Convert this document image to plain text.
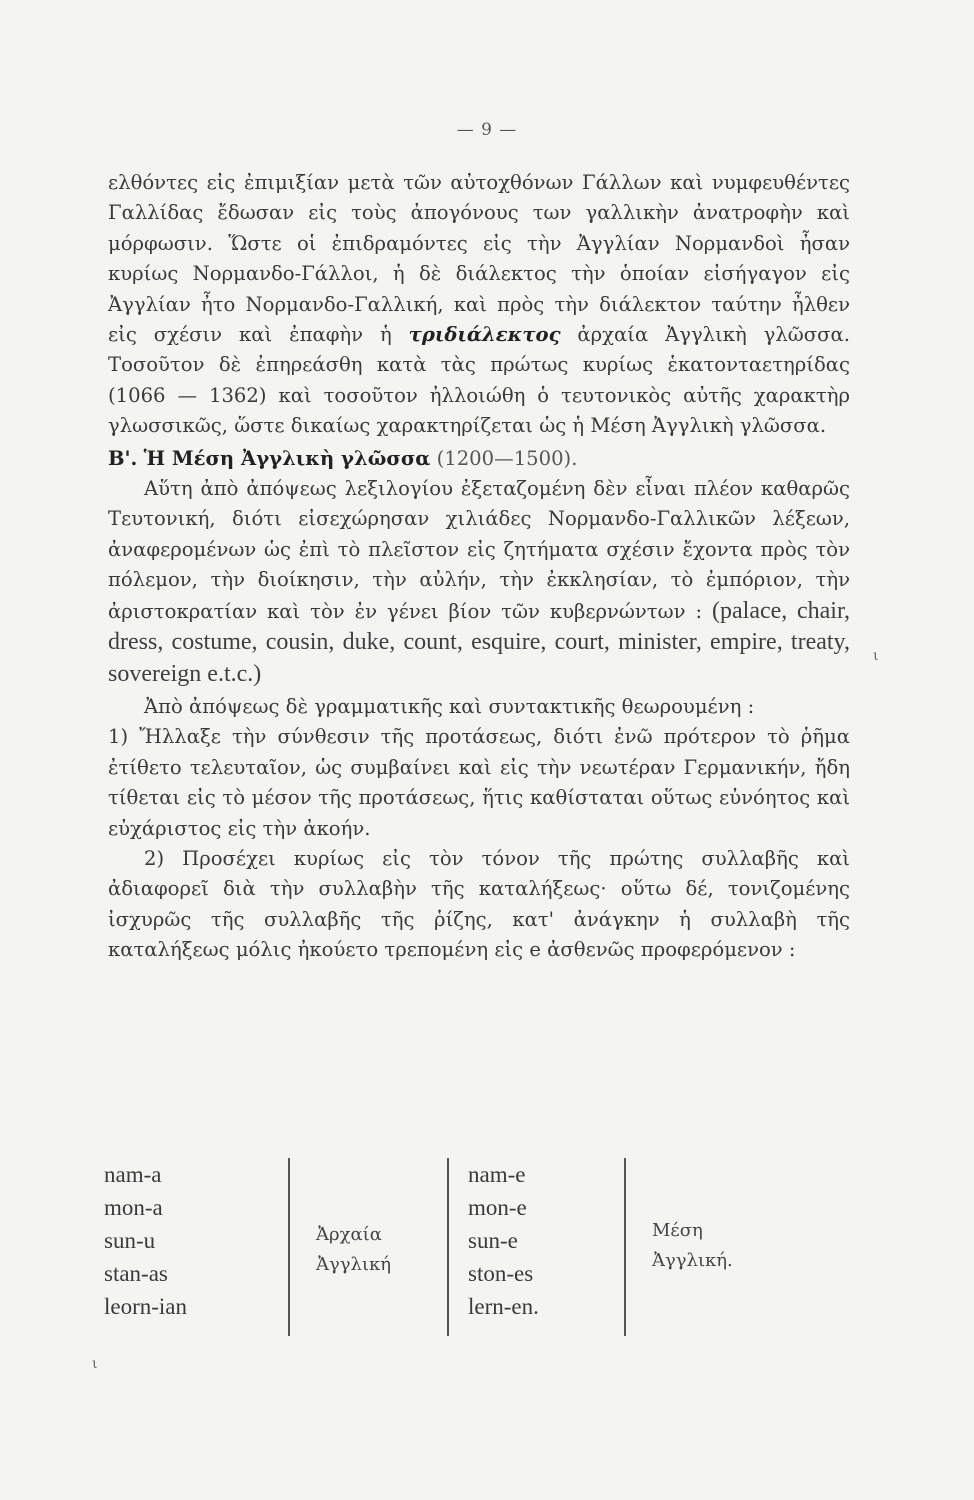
— 9 —

ελθόντες εἰς ἐπιμιξίαν μετὰ τῶν αὐτοχθόνων Γάλλων καὶ νυμφευθέντες Γαλλίδας ἔδωσαν εἰς τοὺς ἀπογόνους των γαλλικὴν ἀνατροφὴν καὶ μόρφωσιν. Ὥστε οἱ ἐπιδραμόντες εἰς τὴν Ἀγγλίαν Νορμανδοὶ ἦσαν κυρίως Νορμανδο-Γάλλοι, ἡ δὲ διάλεκτος τὴν ὁποίαν εἰσήγαγον εἰς Ἀγγλίαν ἦτο Νορμανδο-Γαλλική, καὶ πρὸς τὴν διάλεκτον ταύτην ἦλθεν εἰς σχέσιν καὶ ἐπαφὴν ἡ τριδιάλεκτος ἀρχαία Ἀγγλικὴ γλῶσσα. Τοσοῦτον δὲ ἐπηρεάσθη κατὰ τὰς πρώτως κυρίως ἑκατονταετηρίδας (1066 — 1362) καὶ τοσοῦτον ἠλλοιώθη ὁ τευτονικὸς αὐτῆς χαρακτὴρ γλωσσικῶς, ὥστε δικαίως χαρακτηρίζεται ὡς ἡ Μέση Ἀγγλικὴ γλῶσσα.

Β'. Ἡ Μέση Ἀγγλικὴ γλῶσσα (1200—1500).

Αὕτη ἀπὸ ἀπόψεως λεξιλογίου ἐξεταζομένη δὲν εἶναι πλέον καθαρῶς Τευτονική, διότι εἰσεχώρησαν χιλιάδες Νορμανδο-Γαλλικῶν λέξεων, ἀναφερομένων ὡς ἐπὶ τὸ πλεῖστον εἰς ζητήματα σχέσιν ἔχοντα πρὸς τὸν πόλεμον, τὴν διοίκησιν, τὴν αὐλήν, τὴν ἐκκλησίαν, τὸ ἐμπόριον, τὴν ἀριστοκρατίαν καὶ τὸν ἐν γένει βίον τῶν κυβερνώντων : (palace, chair, dress, costume, cousin, duke, count, esquire, court, minister, empire, treaty, sovereign e.t.c.)

Ἀπὸ ἀπόψεως δὲ γραμματικῆς καὶ συντακτικῆς θεωρουμένη :

1) Ἤλλαξε τὴν σύνθεσιν τῆς προτάσεως, διότι ἐνῶ πρότερον τὸ ῥῆμα ἐτίθετο τελευταῖον, ὡς συμβαίνει καὶ εἰς τὴν νεωτέραν Γερμανικήν, ἤδη τίθεται εἰς τὸ μέσον τῆς προτάσεως, ἥτις καθίσταται οὕτως εὐνόητος καὶ εὐχάριστος εἰς τὴν ἀκοήν.

2) Προσέχει κυρίως εἰς τὸν τόνον τῆς πρώτης συλλαβῆς καὶ ἀδιαφορεῖ διὰ τὴν συλλαβὴν τῆς καταλήξεως· οὕτω δέ, τονιζομένης ἰσχυρῶς τῆς συλλαβῆς τῆς ῥίζης, κατ' ἀνάγκην ἡ συλλαβὴ τῆς καταλήξεως μόλις ἠκούετο τρεπομένη εἰς e ἀσθενῶς προφερόμενον :

nam-a
mon-a
sun-u
stan-as
leorn-ian
Ἀρχαία
Ἀγγλική
nam-e
mon-e
sun-e
ston-es
lern-en.
Μέση
Ἀγγλική.
ι
ι
